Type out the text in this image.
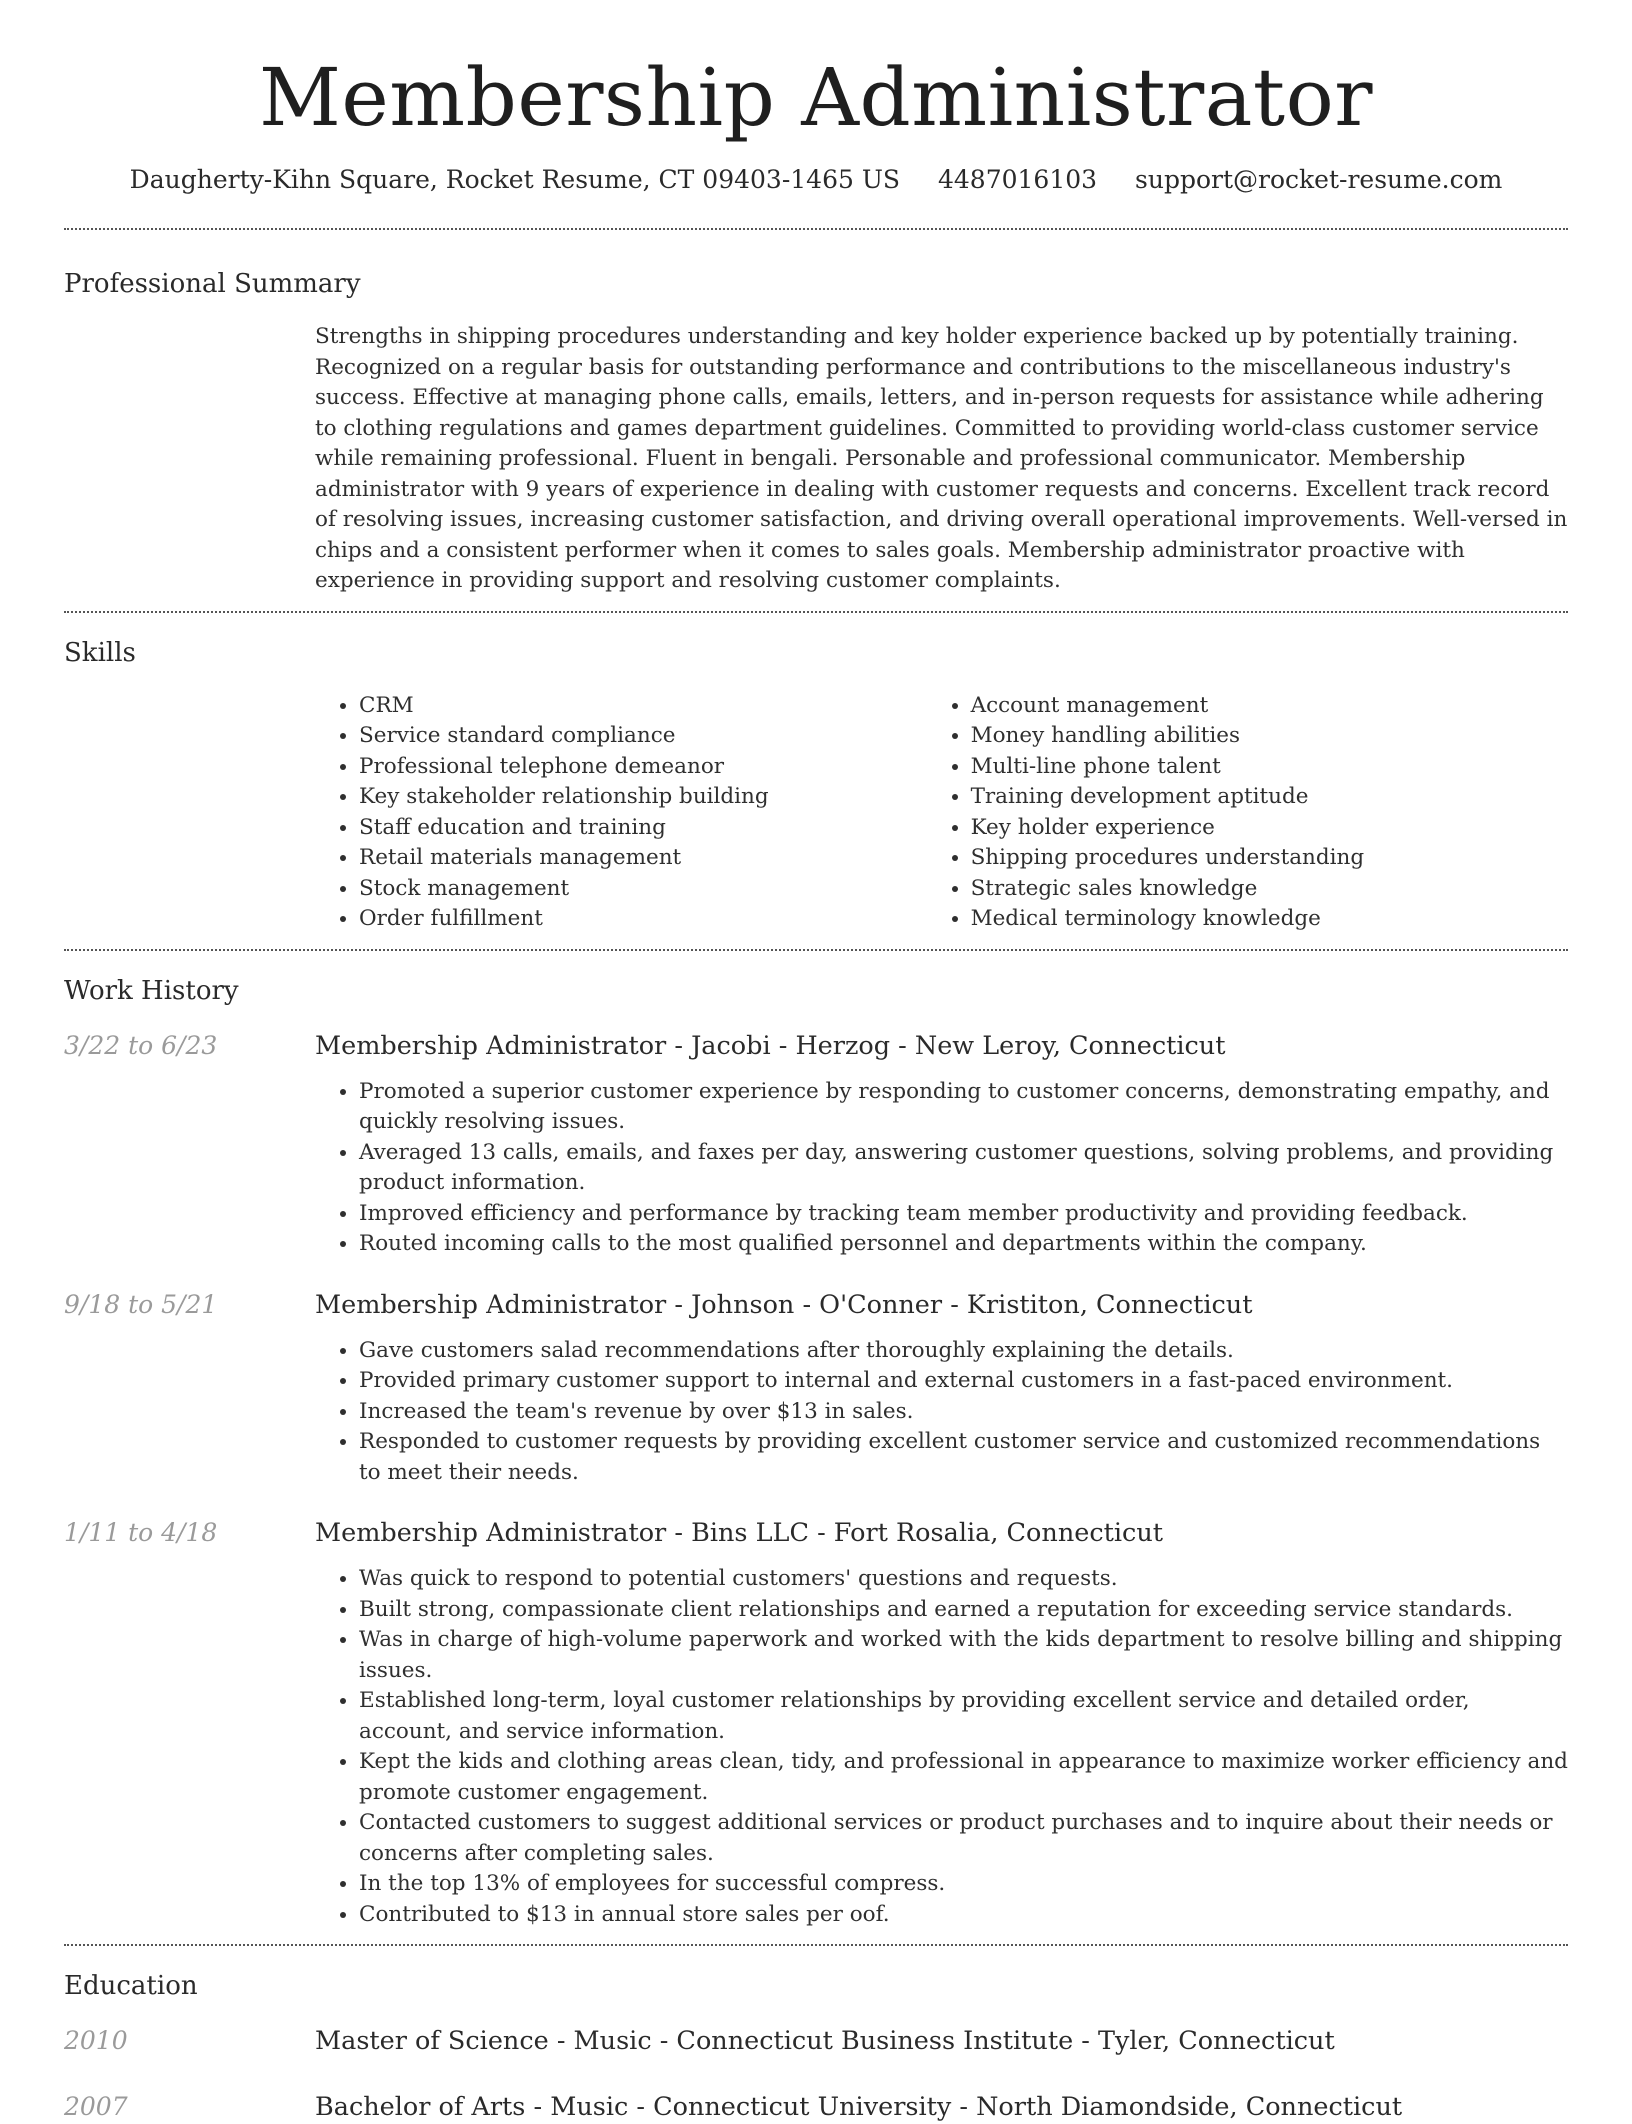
Membership Administrator
Daugherty-Kihn Square, Rocket Resume, CT 09403-1465 US 4487016103 support@rocket-resume.com
Professional Summary
Strengths in shipping procedures understanding and key holder experience backed up by potentially training. Recognized on a regular basis for outstanding performance and contributions to the miscellaneous industry's success. Effective at managing phone calls, emails, letters, and in-person requests for assistance while adhering to clothing regulations and games department guidelines. Committed to providing world-class customer service while remaining professional. Fluent in bengali. Personable and professional communicator. Membership administrator with 9 years of experience in dealing with customer requests and concerns. Excellent track record of resolving issues, increasing customer satisfaction, and driving overall operational improvements. Well-versed in chips and a consistent performer when it comes to sales goals. Membership administrator proactive with experience in providing support and resolving customer complaints.
Skills
• CRM
• Service standard compliance
• Professional telephone demeanor
• Key stakeholder relationship building
• Staff education and training
• Retail materials management
• Stock management
• Order fulfillment
• Account management
• Money handling abilities
• Multi-line phone talent
• Training development aptitude
• Key holder experience
• Shipping procedures understanding
• Strategic sales knowledge
• Medical terminology knowledge
Work History
3/22 to 6/23	Membership Administrator - Jacobi - Herzog - New Leroy, Connecticut
• Promoted a superior customer experience by responding to customer concerns, demonstrating empathy, and quickly resolving issues.
• Averaged 13 calls, emails, and faxes per day, answering customer questions, solving problems, and providing product information.
• Improved efficiency and performance by tracking team member productivity and providing feedback.
• Routed incoming calls to the most qualified personnel and departments within the company.
9/18 to 5/21	Membership Administrator - Johnson - O'Conner - Kristiton, Connecticut
• Gave customers salad recommendations after thoroughly explaining the details.
• Provided primary customer support to internal and external customers in a fast-paced environment.
• Increased the team's revenue by over $13 in sales.
• Responded to customer requests by providing excellent customer service and customized recommendations to meet their needs.
1/11 to 4/18	Membership Administrator - Bins LLC - Fort Rosalia, Connecticut
• Was quick to respond to potential customers' questions and requests.
• Built strong, compassionate client relationships and earned a reputation for exceeding service standards.
• Was in charge of high-volume paperwork and worked with the kids department to resolve billing and shipping issues.
• Established long-term, loyal customer relationships by providing excellent service and detailed order, account, and service information.
• Kept the kids and clothing areas clean, tidy, and professional in appearance to maximize worker efficiency and promote customer engagement.
• Contacted customers to suggest additional services or product purchases and to inquire about their needs or concerns after completing sales.
• In the top 13% of employees for successful compress.
• Contributed to $13 in annual store sales per oof.
Education
2010	Master of Science - Music - Connecticut Business Institute - Tyler, Connecticut
2007	Bachelor of Arts - Music - Connecticut University - North Diamondside, Connecticut
